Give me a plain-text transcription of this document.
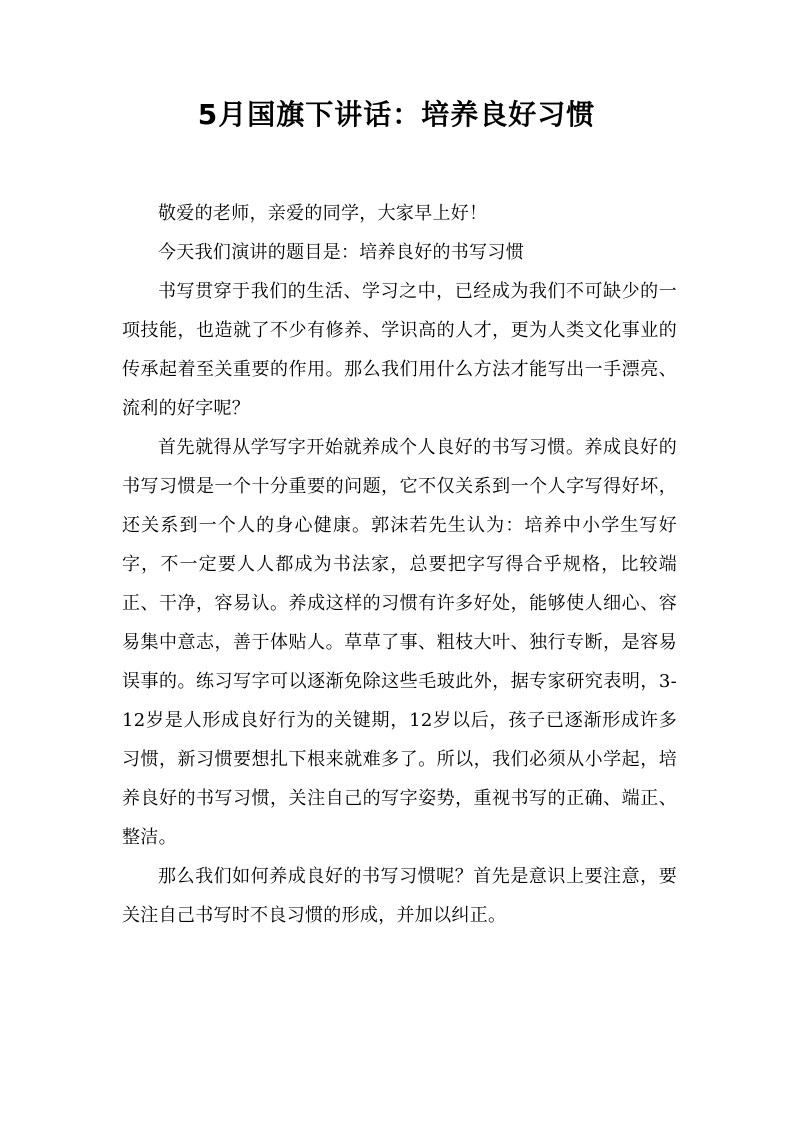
5月国旗下讲话：培养良好习惯

敬爱的老师，亲爱的同学，大家早上好！

今天我们演讲的题目是：培养良好的书写习惯

书写贯穿于我们的生活、学习之中，已经成为我们不可缺少的一项技能，也造就了不少有修养、学识高的人才，更为人类文化事业的传承起着至关重要的作用。那么我们用什么方法才能写出一手漂亮、流利的好字呢？

首先就得从学写字开始就养成个人良好的书写习惯。养成良好的书写习惯是一个十分重要的问题，它不仅关系到一个人字写得好坏，还关系到一个人的身心健康。郭沫若先生认为：培养中小学生写好字，不一定要人人都成为书法家，总要把字写得合乎规格，比较端正、干净，容易认。养成这样的习惯有许多好处，能够使人细心、容易集中意志，善于体贴人。草草了事、粗枝大叶、独行专断，是容易误事的。练习写字可以逐渐免除这些毛玻此外，据专家研究表明，3-12岁是人形成良好行为的关键期，12岁以后，孩子已逐渐形成许多习惯，新习惯要想扎下根来就难多了。所以，我们必须从小学起，培养良好的书写习惯，关注自己的写字姿势，重视书写的正确、端正、整洁。

那么我们如何养成良好的书写习惯呢？首先是意识上要注意，要关注自己书写时不良习惯的形成，并加以纠正。
